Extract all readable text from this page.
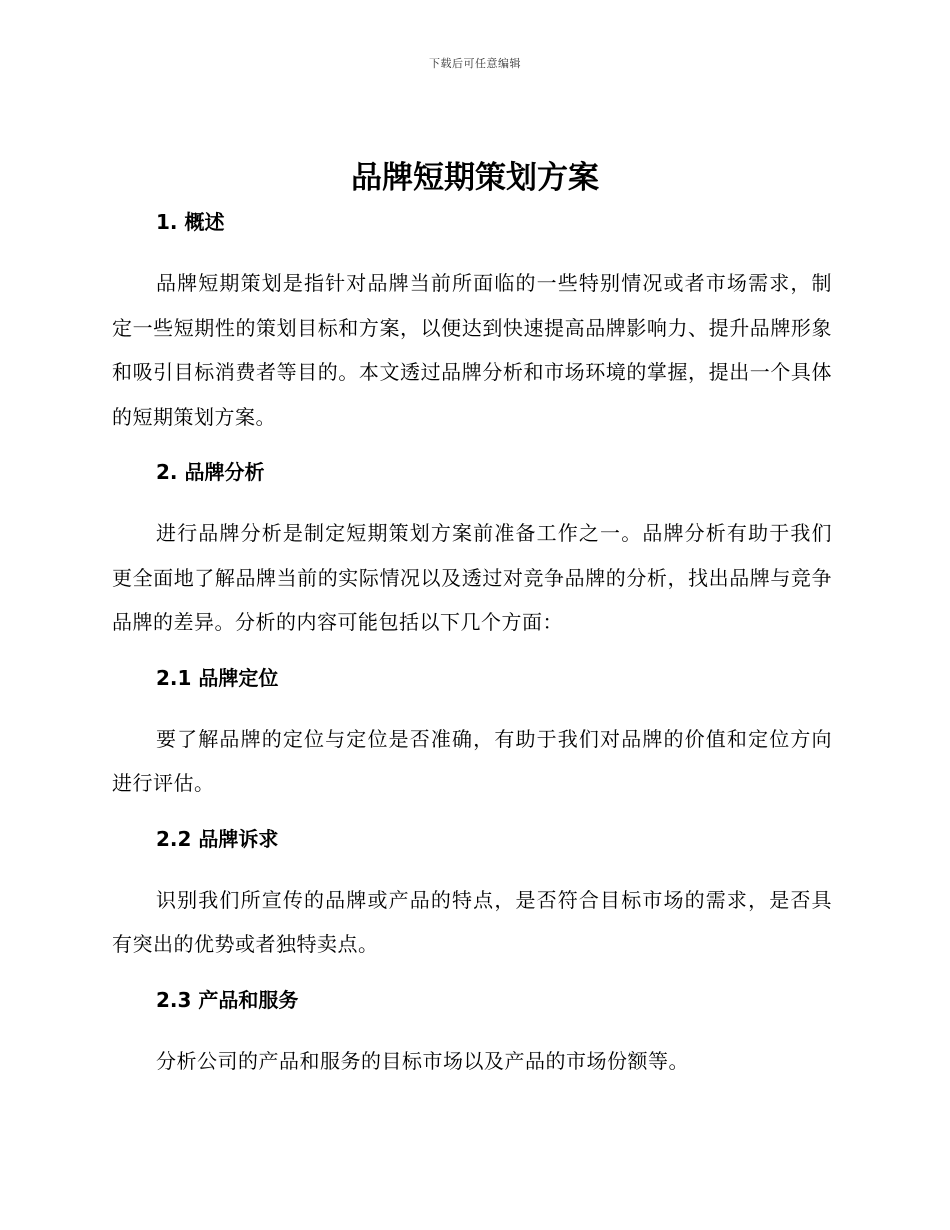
下载后可任意编辑
品牌短期策划方案
1. 概述

品牌短期策划是指针对品牌当前所面临的一些特别情况或者市场需求，制定一些短期性的策划目标和方案，以便达到快速提高品牌影响力、提升品牌形象和吸引目标消费者等目的。本文透过品牌分析和市场环境的掌握，提出一个具体的短期策划方案。

2. 品牌分析

进行品牌分析是制定短期策划方案前准备工作之一。品牌分析有助于我们更全面地了解品牌当前的实际情况以及透过对竞争品牌的分析，找出品牌与竞争品牌的差异。分析的内容可能包括以下几个方面：

2.1 品牌定位

要了解品牌的定位与定位是否准确，有助于我们对品牌的价值和定位方向进行评估。

2.2 品牌诉求

识别我们所宣传的品牌或产品的特点，是否符合目标市场的需求，是否具有突出的优势或者独特卖点。

2.3 产品和服务

分析公司的产品和服务的目标市场以及产品的市场份额等。
